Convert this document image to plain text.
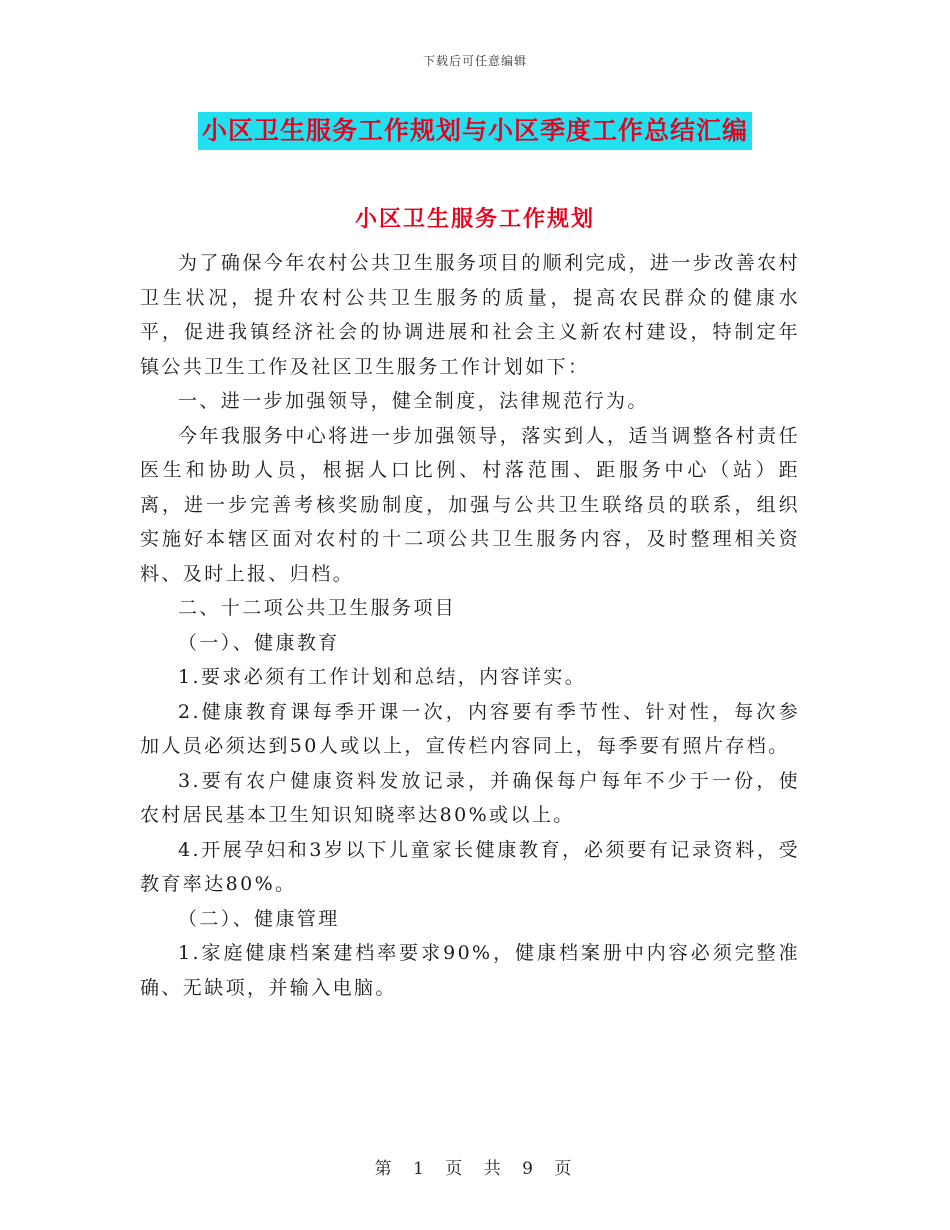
下载后可任意编辑
小区卫生服务工作规划与小区季度工作总结汇编
小区卫生服务工作规划

为了确保今年农村公共卫生服务项目的顺利完成，进一步改善农村卫生状况，提升农村公共卫生服务的质量，提高农民群众的健康水平，促进我镇经济社会的协调进展和社会主义新农村建设，特制定年镇公共卫生工作及社区卫生服务工作计划如下：

一、进一步加强领导，健全制度，法律规范行为。

今年我服务中心将进一步加强领导，落实到人，适当调整各村责任医生和协助人员，根据人口比例、村落范围、距服务中心（站）距离，进一步完善考核奖励制度，加强与公共卫生联络员的联系，组织实施好本辖区面对农村的十二项公共卫生服务内容，及时整理相关资料、及时上报、归档。

二、十二项公共卫生服务项目

（一）、健康教育

1.要求必须有工作计划和总结，内容详实。

2.健康教育课每季开课一次，内容要有季节性、针对性，每次参加人员必须达到50人或以上，宣传栏内容同上，每季要有照片存档。

3.要有农户健康资料发放记录，并确保每户每年不少于一份，使农村居民基本卫生知识知晓率达80%或以上。

4.开展孕妇和3岁以下儿童家长健康教育，必须要有记录资料，受教育率达80%。

（二）、健康管理

1.家庭健康档案建档率要求90%，健康档案册中内容必须完整准确、无缺项，并输入电脑。

第 1 页 共 9 页
